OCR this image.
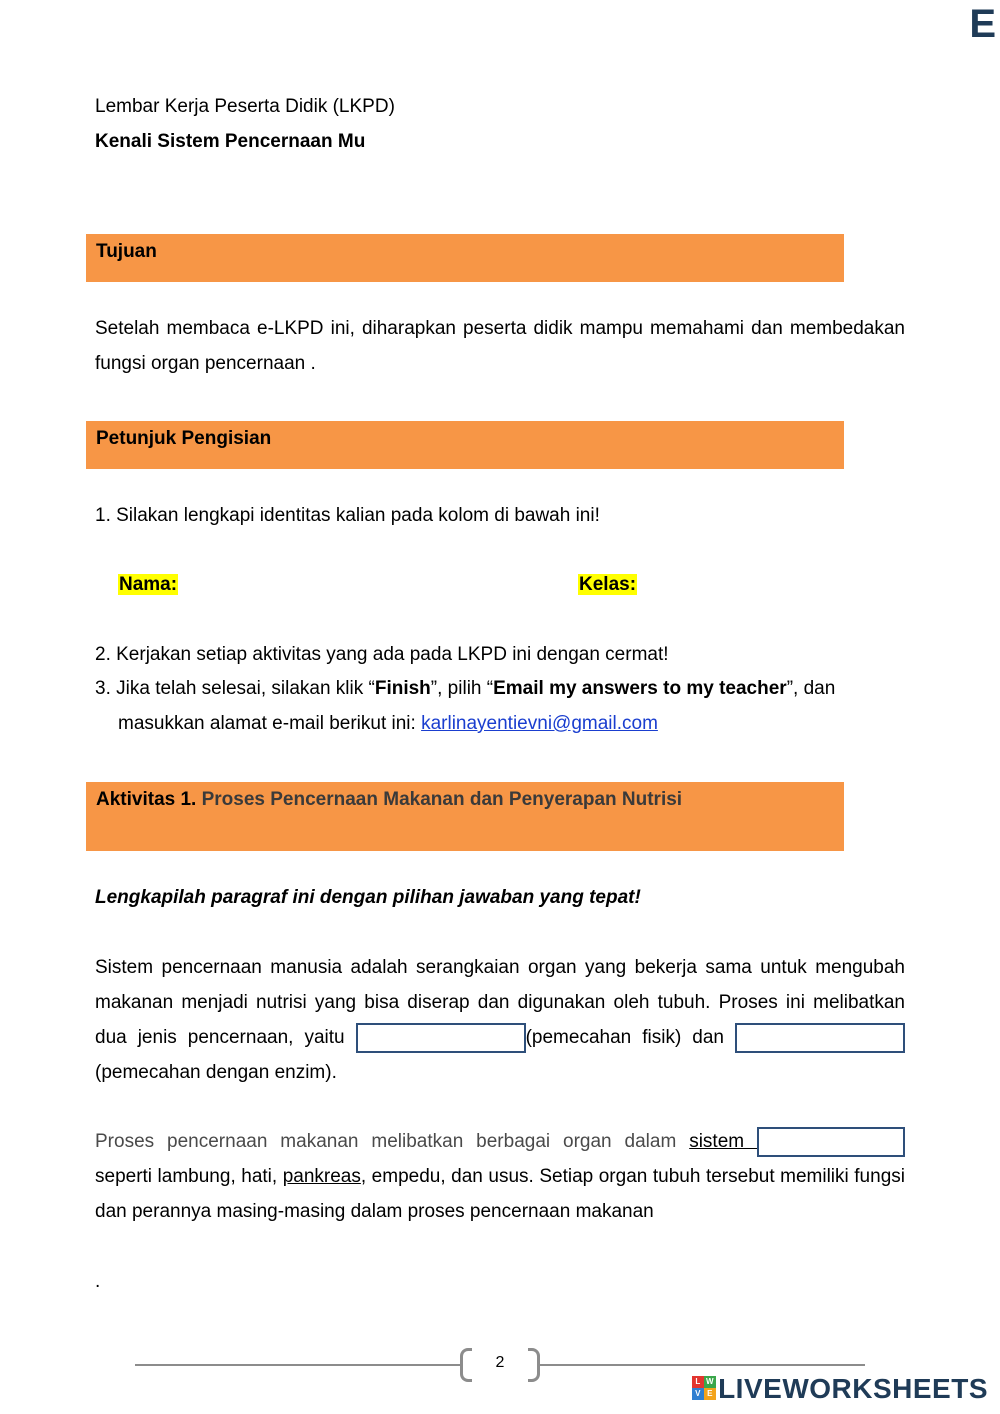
E
Lembar Kerja Peserta Didik (LKPD)
Kenali Sistem Pencernaan Mu
Tujuan
Setelah membaca e-LKPD ini, diharapkan peserta didik mampu memahami dan membedakan fungsi organ pencernaan .
Petunjuk Pengisian
1. Silakan lengkapi identitas kalian pada kolom di bawah ini!
Nama:	Kelas:
2. Kerjakan setiap aktivitas yang ada pada LKPD ini dengan cermat!
3. Jika telah selesai, silakan klik “Finish”, pilih “Email my answers to my teacher”, dan
masukkan alamat e-mail berikut ini: karlinayentievni@gmail.com
Aktivitas 1. Proses Pencernaan Makanan dan Penyerapan Nutrisi
Lengkapilah paragraf ini dengan pilihan jawaban yang tepat!
Sistem pencernaan manusia adalah serangkaian organ yang bekerja sama untuk mengubah makanan menjadi nutrisi yang bisa diserap dan digunakan oleh tubuh. Proses ini melibatkan dua jenis pencernaan, yaitu	(pemecahan fisik) dan  (pemecahan dengan enzim).
Proses pencernaan makanan melibatkan berbagai organ dalam sistem  seperti lambung, hati, pankreas, empedu, dan usus. Setiap organ tubuh tersebut memiliki fungsi dan perannya masing-masing dalam proses pencernaan makanan
.
2
L W
V E LIVEWORKSHEETS
